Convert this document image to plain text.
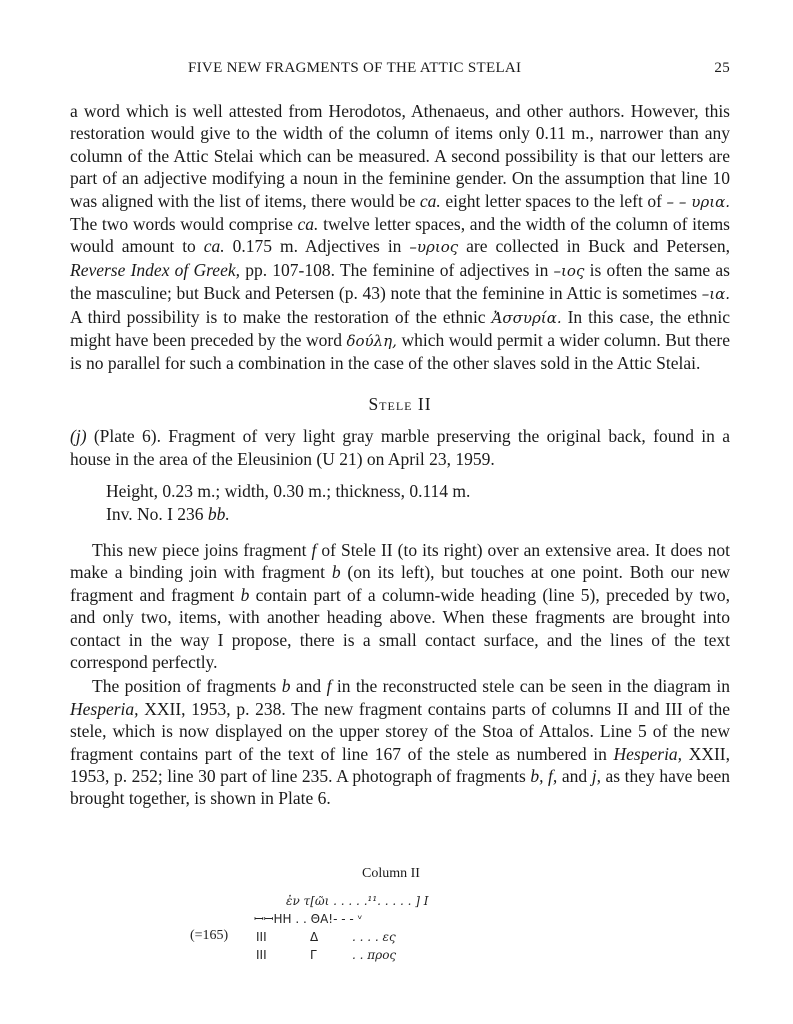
FIVE NEW FRAGMENTS OF THE ATTIC STELAI	25

a word which is well attested from Herodotos, Athenaeus, and other authors. However, this restoration would give to the width of the column of items only 0.11 m., narrower than any column of the Attic Stelai which can be measured. A second possibility is that our letters are part of an adjective modifying a noun in the feminine gender. On the assumption that line 10 was aligned with the list of items, there would be ca. eight letter spaces to the left of – – υρια. The two words would comprise ca. twelve letter spaces, and the width of the column of items would amount to ca. 0.175 m. Adjectives in –υριος are collected in Buck and Petersen, Reverse Index of Greek, pp. 107-108. The feminine of adjectives in –ιος is often the same as the masculine; but Buck and Petersen (p. 43) note that the feminine in Attic is sometimes –ια. A third possibility is to make the restoration of the ethnic Ἀσσυρία. In this case, the ethnic might have been preceded by the word δούλη, which would permit a wider column. But there is no parallel for such a combination in the case of the other slaves sold in the Attic Stelai.

Stele II

(j) (Plate 6). Fragment of very light gray marble preserving the original back, found in a house in the area of the Eleusinion (U 21) on April 23, 1959.

Height, 0.23 m.; width, 0.30 m.; thickness, 0.114 m.

Inv. No. I 236 bb.

This new piece joins fragment f of Stele II (to its right) over an extensive area. It does not make a binding join with fragment b (on its left), but touches at one point. Both our new fragment and fragment b contain part of a column-wide heading (line 5), preceded by two, and only two, items, with another heading above. When these fragments are brought into contact in the way I propose, there is a small contact surface, and the lines of the text correspond perfectly.

The position of fragments b and f in the reconstructed stele can be seen in the diagram in Hesperia, XXII, 1953, p. 238. The new fragment contains parts of columns II and III of the stele, which is now displayed on the upper storey of the Stoa of Attalos. Line 5 of the new fragment contains part of the text of line 167 of the stele as numbered in Hesperia, XXII, 1953, p. 252; line 30 part of line 235. A photograph of fragments b, f, and j, as they have been brought together, is shown in Plate 6.

Column II
ἐν τ[ῶι . . . . .¹¹. . . . . ] I
ꟷꟷHH . . ΘΑ!- - - ᵛ
(=165) III	Δ	. . . . ες
III	Γ	. . προς
